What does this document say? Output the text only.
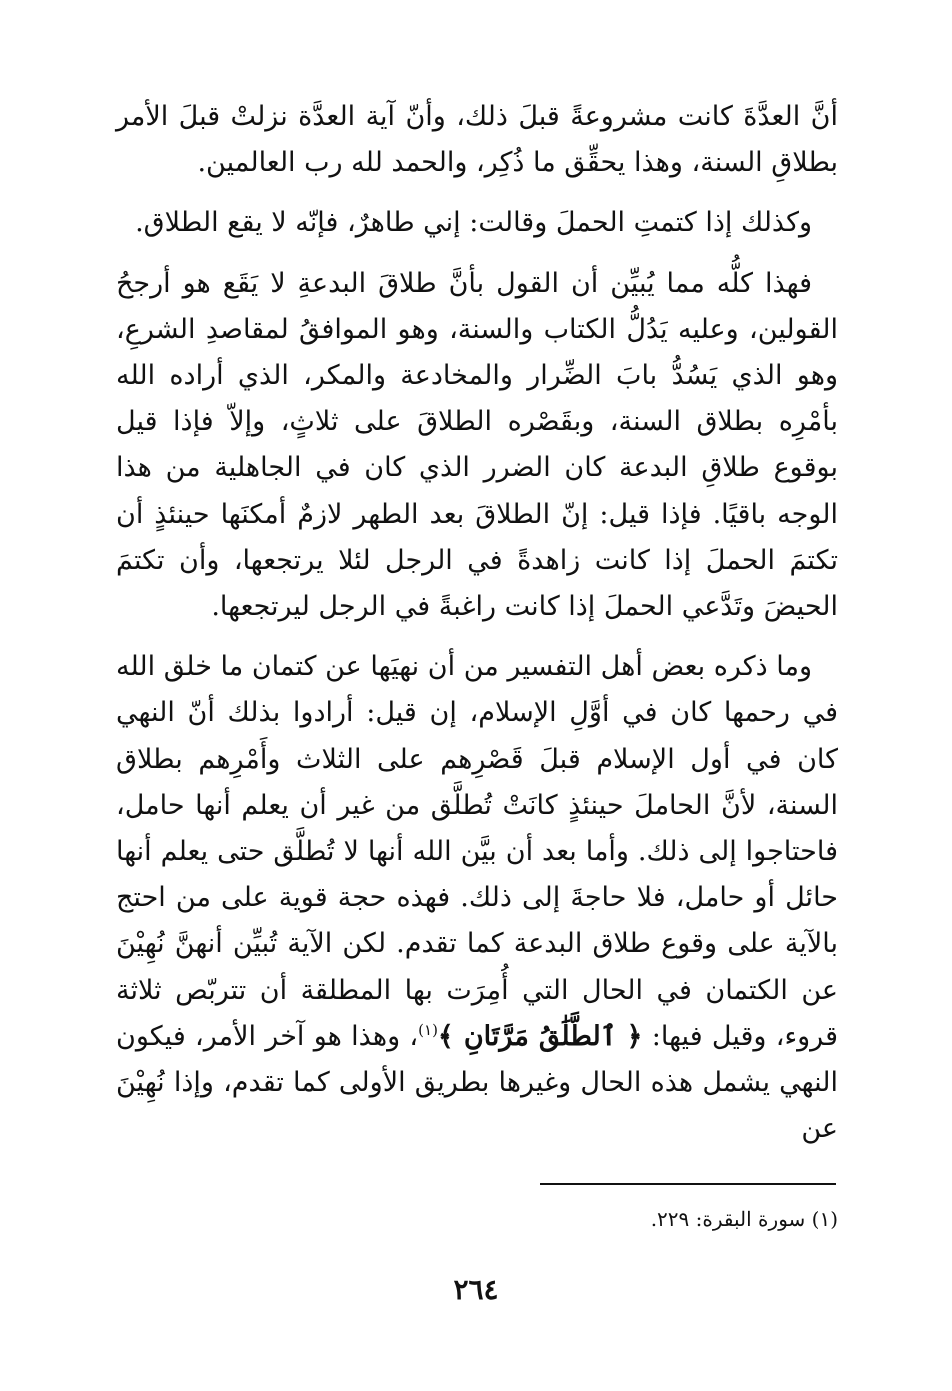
أنَّ العدَّةَ كانت مشروعةً قبلَ ذلك، وأنّ آية العدَّة نزلتْ قبلَ الأمر بطلاقِ السنة، وهذا يحقِّق ما ذُكِر، والحمد لله رب العالمين.

وكذلك إذا كتمتِ الحملَ وقالت: إني طاهرٌ، فإنّه لا يقع الطلاق.

فهذا كلُّه مما يُبيِّن أن القول بأنَّ طلاقَ البدعةِ لا يَقَع هو أرجحُ القولين، وعليه يَدُلُّ الكتاب والسنة، وهو الموافقُ لمقاصدِ الشرعِ، وهو الذي يَسُدُّ بابَ الضِّرار والمخادعة والمكر، الذي أراده الله بأمْرِه بطلاق السنة، وبقَصْره الطلاقَ على ثلاثٍ، وإلاّ فإذا قيل بوقوع طلاقِ البدعة كان الضرر الذي كان في الجاهلية من هذا الوجه باقيًا. فإذا قيل: إنّ الطلاقَ بعد الطهر لازمٌ أمكنَها حينئذٍ أن تكتمَ الحملَ إذا كانت زاهدةً في الرجل لئلا يرتجعها، وأن تكتمَ الحيضَ وتَدَّعي الحملَ إذا كانت راغبةً في الرجل ليرتجعها.

وما ذكره بعض أهل التفسير من أن نهيَها عن كتمان ما خلق الله في رحمها كان في أوَّلِ الإسلام، إن قيل: أرادوا بذلك أنّ النهي كان في أول الإسلام قبلَ قَصْرِهم على الثلاث وأَمْرِهم بطلاق السنة، لأنَّ الحاملَ حينئذٍ كانَتْ تُطلَّق من غير أن يعلم أنها حامل، فاحتاجوا إلى ذلك. وأما بعد أن بيَّن الله أنها لا تُطلَّق حتى يعلم أنها حائل أو حامل، فلا حاجةَ إلى ذلك. فهذه حجة قوية على من احتج بالآية على وقوع طلاق البدعة كما تقدم. لكن الآية تُبيِّن أنهنَّ نُهِيْنَ عن الكتمان في الحال التي أُمِرَت بها المطلقة أن تتربّص ثلاثة قروء، وقيل فيها: ﴿ ٱلطَّلَٰقُ مَرَّتَانِ ﴾$^{(١)}$، وهذا هو آخر الأمر، فيكون النهي يشمل هذه الحال وغيرها بطريق الأولى كما تقدم، وإذا نُهِيْنَ عن

(١) سورة البقرة: ٢٢٩.
٢٦٤
